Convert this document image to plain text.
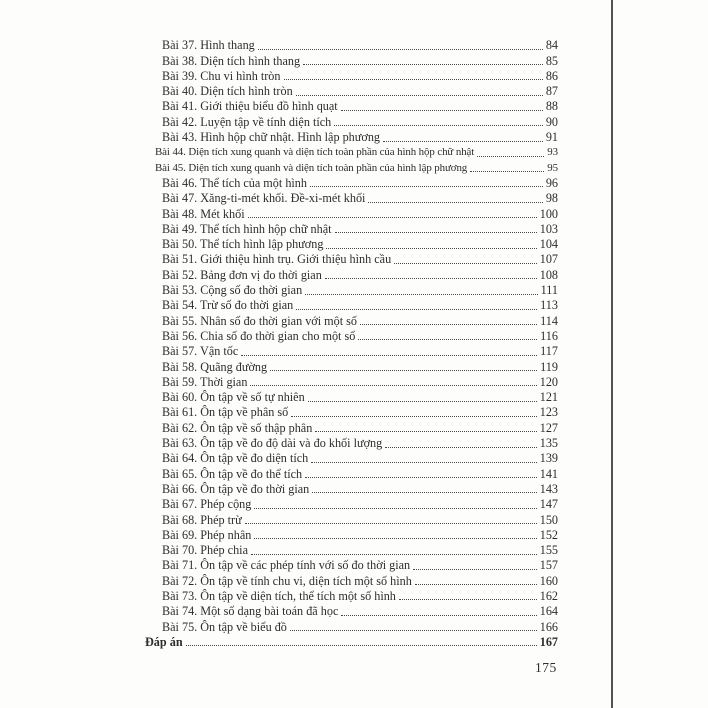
Bài 37. Hình thang	84
Bài 38. Diện tích hình thang	85
Bài 39. Chu vi hình tròn	86
Bài 40. Diện tích hình tròn	87
Bài 41. Giới thiệu biểu đồ hình quạt	88
Bài 42. Luyện tập về tính diện tích	90
Bài 43. Hình hộp chữ nhật. Hình lập phương	91
Bài 44. Diện tích xung quanh và diện tích toàn phần của hình hộp chữ nhật	93
Bài 45. Diện tích xung quanh và diện tích toàn phần của hình lập phương	95
Bài 46. Thể tích của một hình	96
Bài 47. Xăng-ti-mét khối. Đề-xi-mét khối	98
Bài 48. Mét khối	100
Bài 49. Thể tích hình hộp chữ nhật	103
Bài 50. Thể tích hình lập phương	104
Bài 51. Giới thiệu hình trụ. Giới thiệu hình cầu	107
Bài 52. Bảng đơn vị đo thời gian	108
Bài 53. Cộng số đo thời gian	111
Bài 54. Trừ số đo thời gian	113
Bài 55. Nhân số đo thời gian với một số	114
Bài 56. Chia số đo thời gian cho một số	116
Bài 57. Vận tốc	117
Bài 58. Quãng đường	119
Bài 59. Thời gian	120
Bài 60. Ôn tập về số tự nhiên	121
Bài 61. Ôn tập về phân số	123
Bài 62. Ôn tập về số thập phân	127
Bài 63. Ôn tập về đo độ dài và đo khối lượng	135
Bài 64. Ôn tập về đo diện tích	139
Bài 65. Ôn tập về đo thể tích	141
Bài 66. Ôn tập về đo thời gian	143
Bài 67. Phép cộng	147
Bài 68. Phép trừ	150
Bài 69. Phép nhân	152
Bài 70. Phép chia	155
Bài 71. Ôn tập về các phép tính với số đo thời gian	157
Bài 72. Ôn tập về tính chu vi, diện tích một số hình	160
Bài 73. Ôn tập về diện tích, thể tích một số hình	162
Bài 74. Một số dạng bài toán đã học	164
Bài 75. Ôn tập về biểu đồ	166
Đáp án	167
175
